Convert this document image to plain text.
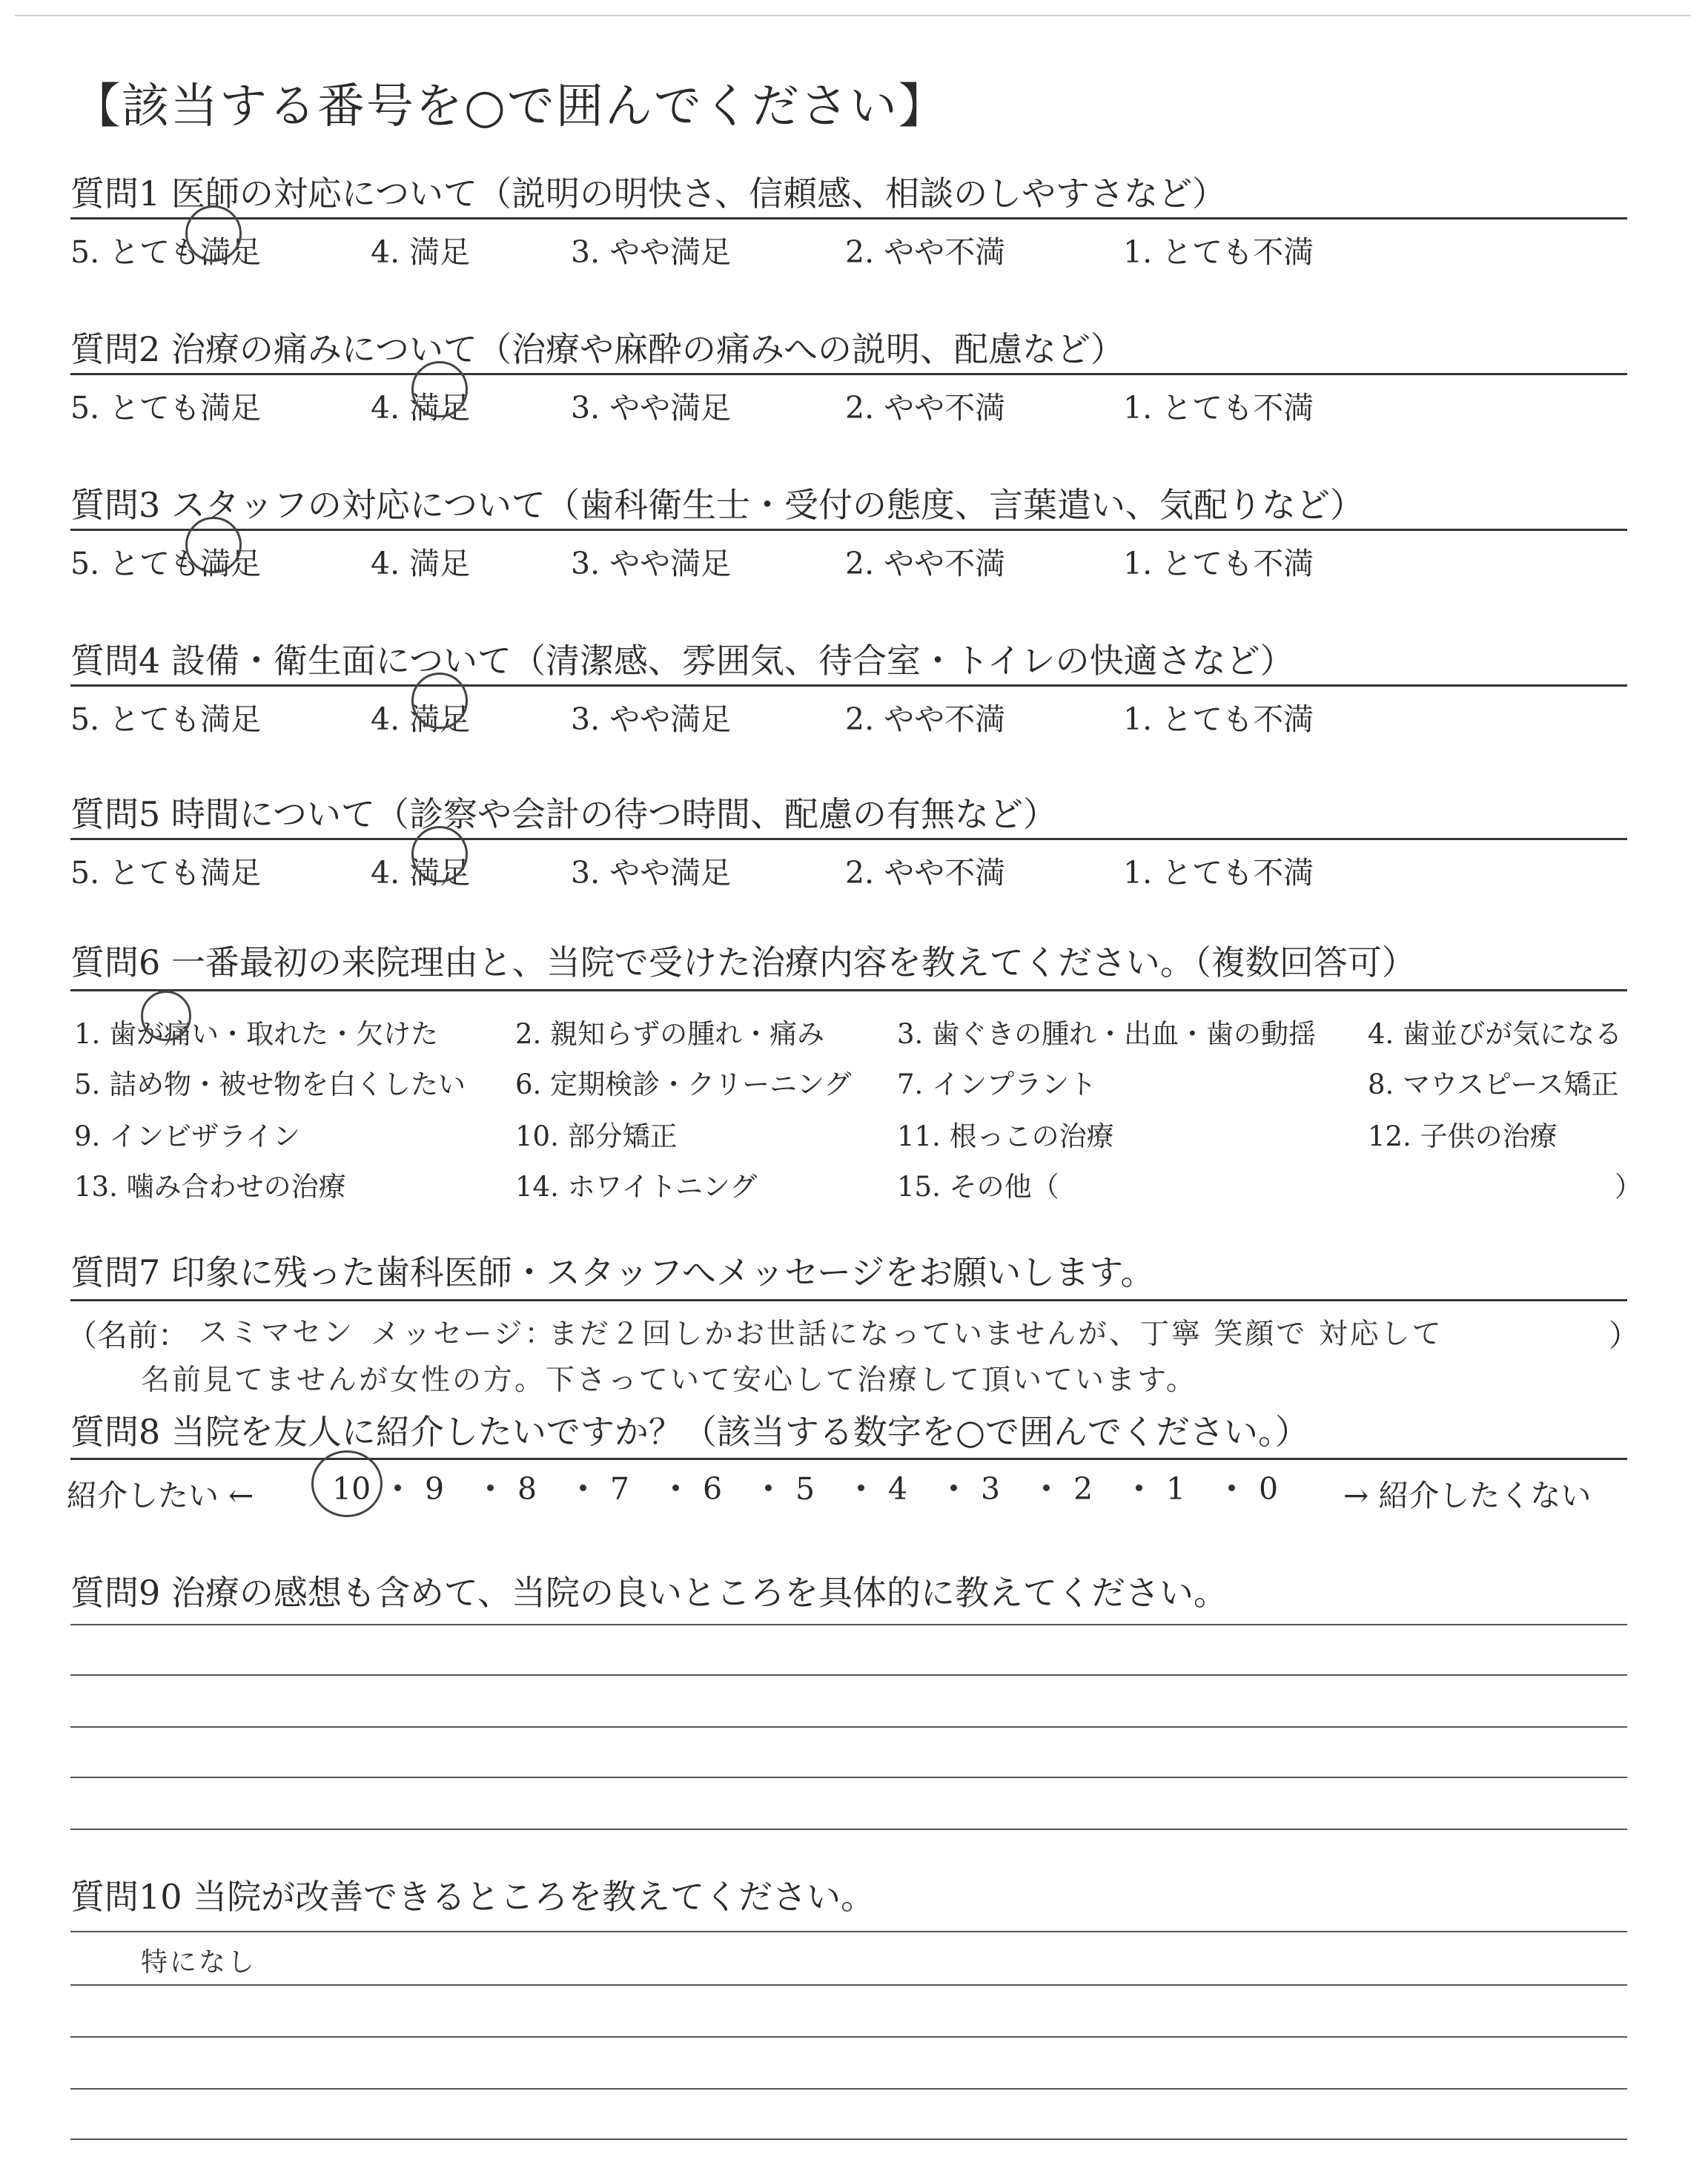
【該当する番号を○で囲んでください】
質問1 医師の対応について（説明の明快さ、信頼感、相談のしやすさなど）
5. とても満足	4. 満足	3. やや満足	2. やや不満	1. とても不満
質問2 治療の痛みについて（治療や麻酔の痛みへの説明、配慮など）
5. とても満足	4. 満足	3. やや満足	2. やや不満	1. とても不満
質問3 スタッフの対応について（歯科衛生士・受付の態度、言葉遣い、気配りなど）
5. とても満足	4. 満足	3. やや満足	2. やや不満	1. とても不満
質問4 設備・衛生面について（清潔感、雰囲気、待合室・トイレの快適さなど）
5. とても満足	4. 満足	3. やや満足	2. やや不満	1. とても不満
質問5 時間について（診察や会計の待つ時間、配慮の有無など）
5. とても満足	4. 満足	3. やや満足	2. やや不満	1. とても不満
質問6 一番最初の来院理由と、当院で受けた治療内容を教えてください。（複数回答可）
1. 歯が痛い・取れた・欠けた	2. 親知らずの腫れ・痛み	3. 歯ぐきの腫れ・出血・歯の動揺 4. 歯並びが気になる
5. 詰め物・被せ物を白くしたい 6. 定期検診・クリーニング 7. インプラント	8. マウスピース矯正
9. インビザライン	10. 部分矯正	11. 根っこの治療	12. 子供の治療
13. 噛み合わせの治療	14. ホワイトニング	15. その他（	）
質問7 印象に残った歯科医師・スタッフへメッセージをお願いします。
（名前： スミマセン メッセージ：
まだ２回しかお世話になっていませんが、丁寧 笑顔で 対応して	）
名前見てませんが女性の方。下さっていて安心して治療して頂いています。
質問8 当院を友人に紹介したいですか？（該当する数字を○で囲んでください。）
紹介したい ←	10 9 8 7 6 5 4 3 2 1 0 → 紹介したくない
質問9 治療の感想も含めて、当院の良いところを具体的に教えてください。
質問10 当院が改善できるところを教えてください。
特になし
